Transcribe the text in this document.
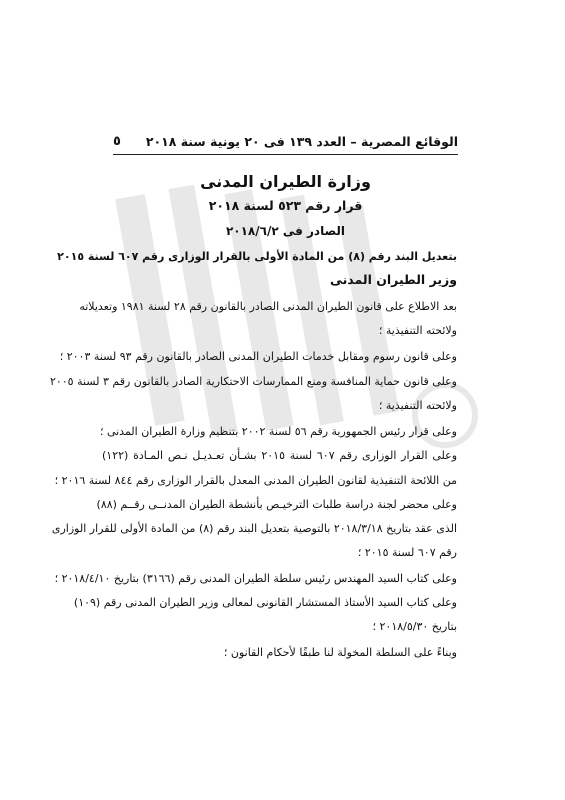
الوقائع المصرية – العدد ١٣٩ فى ٢٠ يونية سنة ٢٠١٨
٥
وزارة الطيران المدنى
قرار رقم ٥٢٣ لسنة ٢٠١٨
الصادر فى ٢٠١٨/٦/٢
بتعديل البند رقم (٨) من المادة الأولى بالقرار الوزارى رقم ٦٠٧ لسنة ٢٠١٥
وزير الطيران المدنى
بعد الاطلاع على قانون الطيران المدنى الصادر بالقانون رقم ٢٨ لسنة ١٩٨١ وتعديلاته
ولائحته التنفيذية ؛
وعلى قانون رسوم ومقابل خدمات الطيران المدنى الصادر بالقانون رقم ٩٣ لسنة ٢٠٠٣ ؛
وعلى قانون حماية المنافسة ومنع الممارسات الاحتكارية الصادر بالقانون رقم ٣ لسنة ٢٠٠٥
ولائحته التنفيذية ؛
وعلى قرار رئيس الجمهورية رقم ٥٦ لسنة ٢٠٠٢ بتنظيم وزارة الطيران المدنى ؛
وعلى القرار الوزارى رقم ٦٠٧ لسنة ٢٠١٥ بشـأن تعـديـل نـص المـادة (١٢٢)
من اللائحة التنفيذية لقانون الطيران المدنى المعدل بالقرار الوزارى رقم ٨٤٤ لسنة ٢٠١٦ ؛
وعلى محضر لجنة دراسة طلبات الترخيـص بأنشطة الطيران المدنــى رقــم (٨٨)
الذى عقد بتاريخ ٢٠١٨/٣/١٨ بالتوصية بتعديل البند رقم (٨) من المادة الأولى للقرار الوزارى
رقم ٦٠٧ لسنة ٢٠١٥ ؛
وعلى كتاب السيد المهندس رئيس سلطة الطيران المدنى رقم (٣١٦٦) بتاريخ ٢٠١٨/٤/١٠ ؛
وعلى كتاب السيد الأستاذ المستشار القانونى لمعالى وزير الطيران المدنى رقم (١٠٩)
بتاريخ ٢٠١٨/٥/٣٠ ؛
وبناءً على السلطة المخولة لنا طبقًا لأحكام القانون ؛
